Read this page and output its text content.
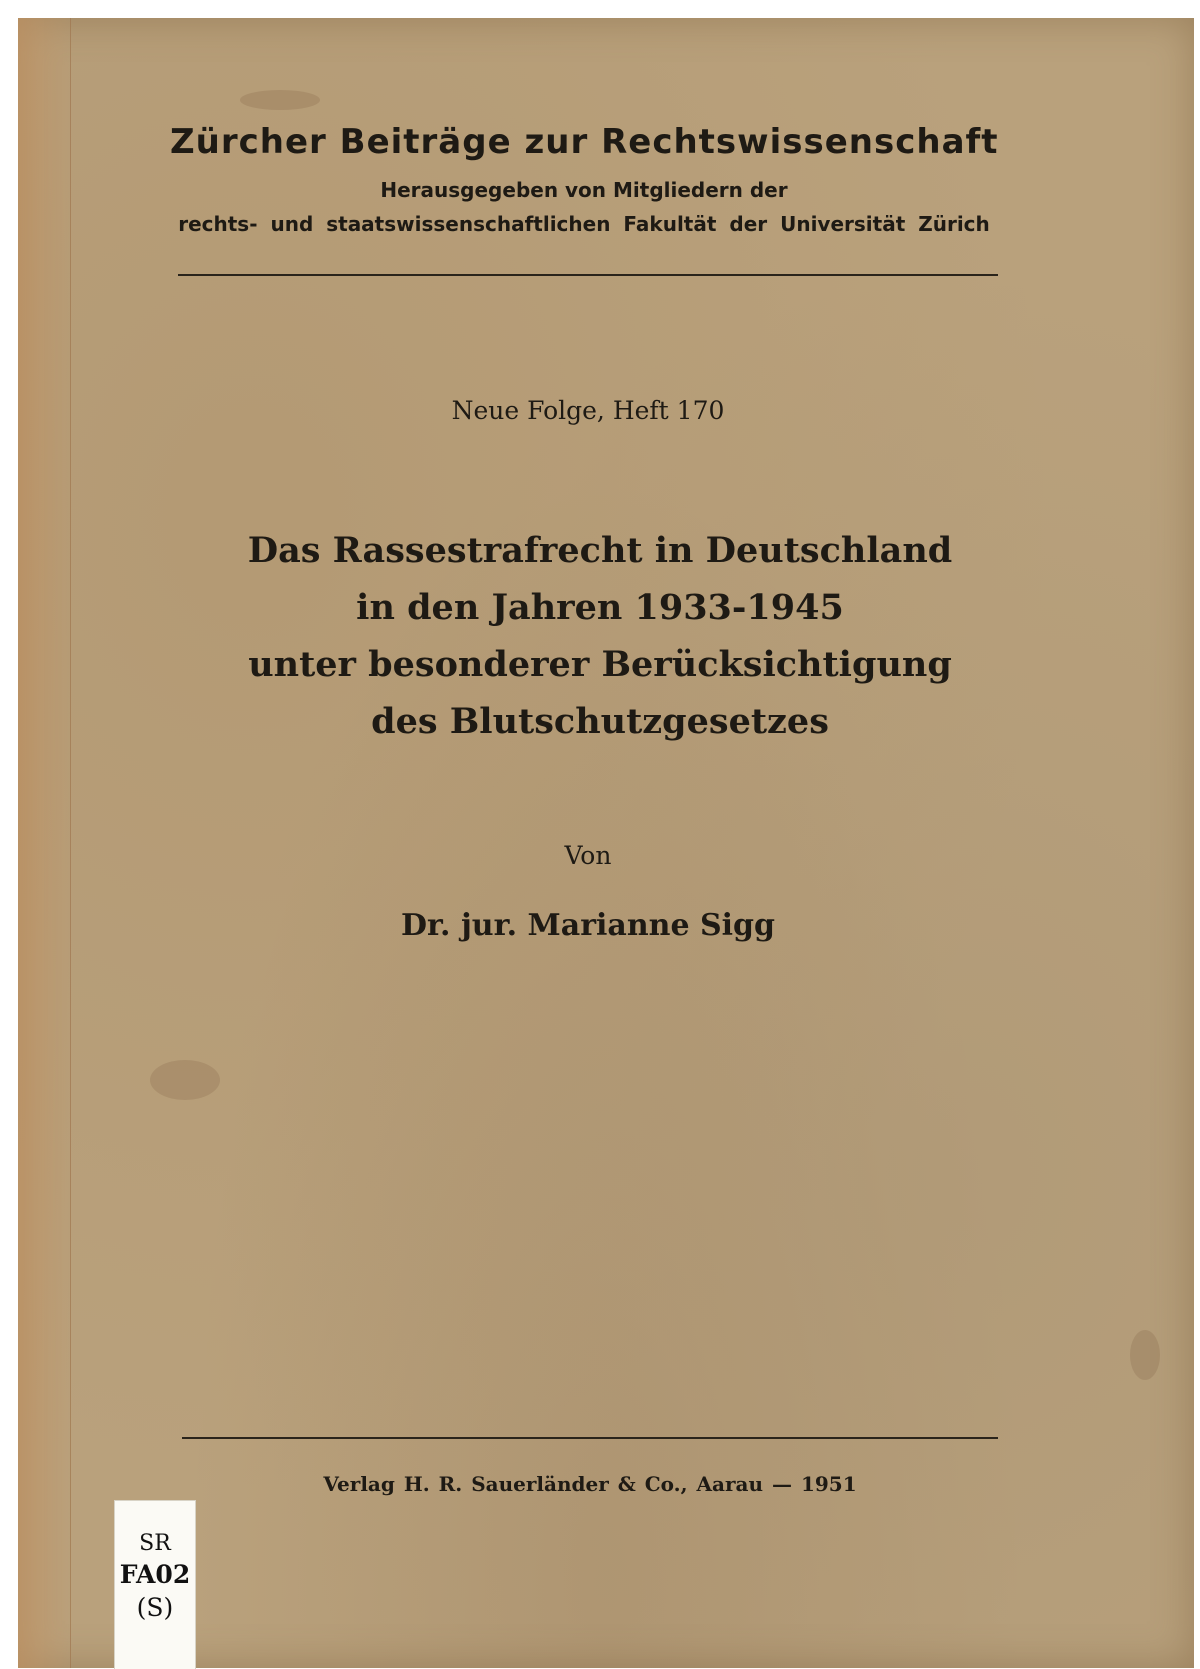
Zürcher Beiträge zur Rechtswissenschaft
Herausgegeben von Mitgliedern der
rechts- und staatswissenschaftlichen Fakultät der Universität Zürich
Neue Folge, Heft 170
Das Rassestrafrecht in Deutschland
in den Jahren 1933-1945
unter besonderer Berücksichtigung
des Blutschutzgesetzes
Von
Dr. jur. Marianne Sigg
Verlag H. R. Sauerländer & Co., Aarau — 1951
SR
FA02
(S)
